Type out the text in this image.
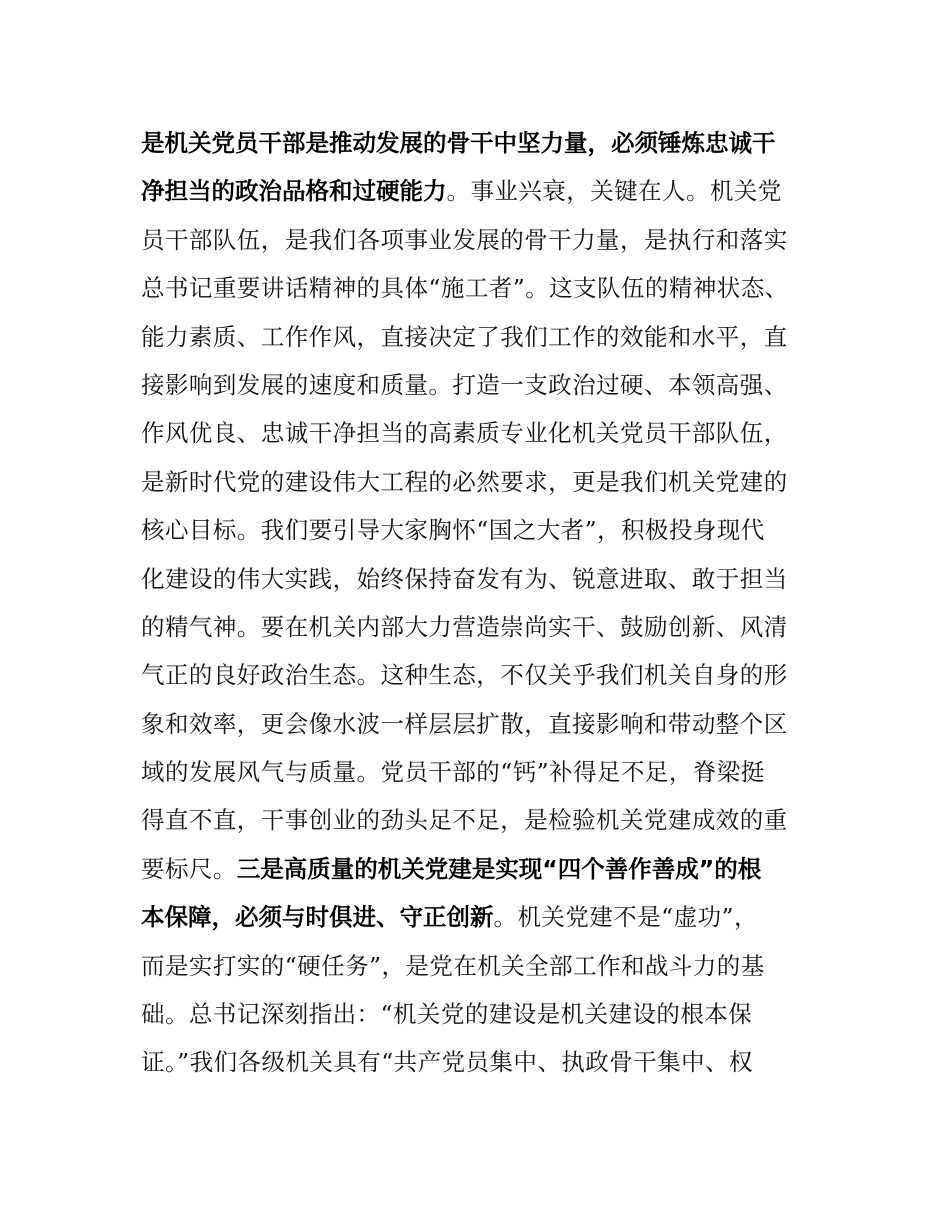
是机关党员干部是推动发展的骨干中坚力量，必须锤炼忠诚干
净担当的政治品格和过硬能力。事业兴衰，关键在人。机关党
员干部队伍，是我们各项事业发展的骨干力量，是执行和落实
总书记重要讲话精神的具体“施工者”。这支队伍的精神状态、
能力素质、工作作风，直接决定了我们工作的效能和水平，直
接影响到发展的速度和质量。打造一支政治过硬、本领高强、
作风优良、忠诚干净担当的高素质专业化机关党员干部队伍，
是新时代党的建设伟大工程的必然要求，更是我们机关党建的
核心目标。我们要引导大家胸怀“国之大者”，积极投身现代
化建设的伟大实践，始终保持奋发有为、锐意进取、敢于担当
的精气神。要在机关内部大力营造崇尚实干、鼓励创新、风清
气正的良好政治生态。这种生态，不仅关乎我们机关自身的形
象和效率，更会像水波一样层层扩散，直接影响和带动整个区
域的发展风气与质量。党员干部的“钙”补得足不足，脊梁挺
得直不直，干事创业的劲头足不足，是检验机关党建成效的重
要标尺。三是高质量的机关党建是实现“四个善作善成”的根
本保障，必须与时俱进、守正创新。机关党建不是“虚功”，
而是实打实的“硬任务”，是党在机关全部工作和战斗力的基
础。总书记深刻指出：“机关党的建设是机关建设的根本保
证。”我们各级机关具有“共产党员集中、执政骨干集中、权
